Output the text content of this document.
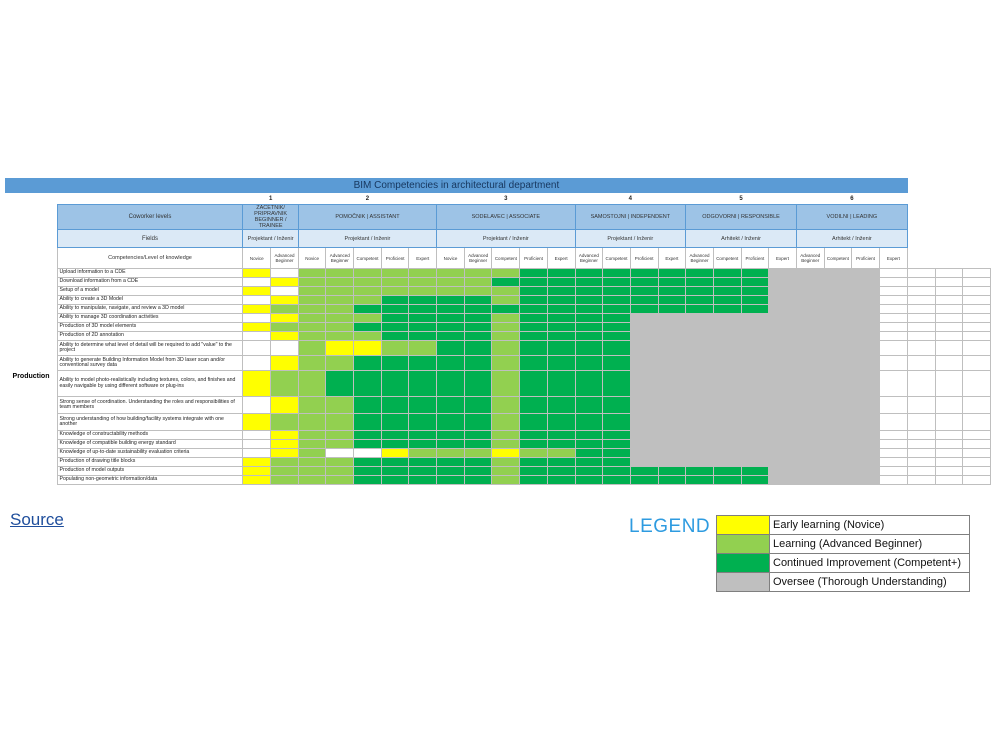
BIM Competencies in architectural department																												
		1		2					3					4				5				6						
	Coworker levels	ZAČETNIK/ PRIPRAVNIK BEGINNER / TRAINEE		POMOČNIK | ASSISTANT					SODELAVEC | ASSOCIATE					SAMOSTOJNI | INDEPENDENT				ODGOVORNI | RESPONSIBLE				VODILNI | LEADING						
	Fields	Projektant / Inženir		Projektant / Inženir					Projektant / Inženir					Projektant / Inženir				Arhitekt / Inženir				Arhitekt / Inženir						
	Competencies/Level of knowledge	Novice	Advanced Beginner	Novice	Advanced Beginner	Competent	Proficient	Expert	Novice	Advanced Beginner	Competent	Proficient	Expert	Advanced Beginner	Competent	Proficient	Expert	Advanced Beginner	Competent	Proficient	Expert	Advanced Beginner	Competent	Proficient	Expert			
Production	Upload information to a CDE																											
	Download information from a CDE																											
	Setup of a model																											
	Ability to create a 3D Model																											
	Ability to manipulate, navigate, and review a 3D model																											
	Ability to manage 3D coordination activities																											
	Production of 3D model elements																											
	Production of 2D annotation																											
	Ability to determine what level of detail will be required to add "value" to the project																											
	Ability to generate Building Information Model from 3D laser scan and/or conventional survey data																											
	Ability to model photo-realistically including textures, colors, and finishes and easily navigable by using different software or plug-ins																											
	Strong sense of coordination. Understanding the roles and responsibilities of team members																											
	Strong understanding of how building/facility systems integrate with one another																											
	Knowledge of constructability methods																											
	Knowledge of compatible building energy standard																											
	Knowledge of up-to-date sustainability evaluation criteria																											
	Production of drawing title blocks																											
	Production of model outputs																											
	Populating non-geometric information/data																											
Source	LEGEND
		Early learning (Novice)
	Learning (Advanced Beginner)
	Continued Improvement (Competent+)
	Oversee (Thorough Understanding)
